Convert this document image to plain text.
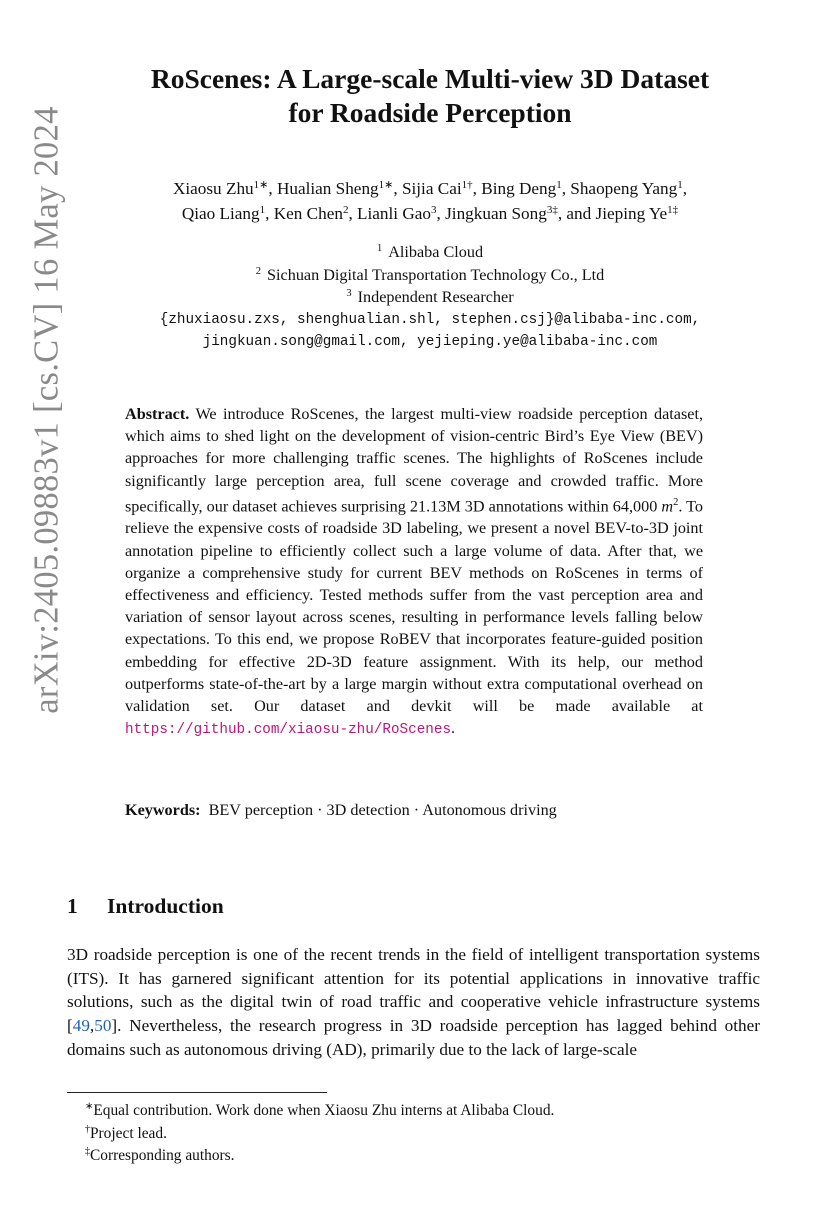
arXiv:2405.09883v1 [cs.CV] 16 May 2024
RoScenes: A Large-scale Multi-view 3D Dataset
for Roadside Perception
Xiaosu Zhu$^{1∗}$, Hualian Sheng$^{1∗}$, Sijia Cai$^{1\dagger}$, Bing Deng$^1$, Shaopeng Yang$^1$,
Qiao Liang$^1$, Ken Chen$^2$, Lianli Gao$^3$, Jingkuan Song$^{3\ddagger}$, and Jieping $Ye^{1\ddagger}$
$^1$ Alibaba Cloud
$^2$ Sichuan Digital Transportation Technology Co., Ltd
$^3$ Independent Researcher
{zhuxiaosu.zxs, shenghualian.shl, stephen.csj}@alibaba-inc.com,
jingkuan.song@gmail.com, yejieping.ye@alibaba-inc.com
Abstract. We introduce RoScenes, the largest multi-view roadside perception dataset, which aims to shed light on the development of vision-centric Bird’s Eye View (BEV) approaches for more challenging traffic scenes. The highlights of RoScenes include significantly large perception area, full scene coverage and crowded traffic. More specifically, our dataset achieves surprising 21.13M 3D annotations within 64,000 $m^2$. To relieve the expensive costs of roadside 3D labeling, we present a novel BEV-to-3D joint annotation pipeline to efficiently collect such a large volume of data. After that, we organize a comprehensive study for current BEV methods on RoScenes in terms of effectiveness and efficiency. Tested methods suffer from the vast perception area and variation of sensor layout across scenes, resulting in performance levels falling below expectations. To this end, we propose RoBEV that incorporates feature-guided position embedding for effective 2D-3D feature assignment. With its help, our method outperforms state-of-the-art by a large margin without extra computational overhead on validation set. Our dataset and devkit will be made available at https://github.com/xiaosu-zhu/RoScenes.
Keywords: BEV perception · 3D detection · Autonomous driving
1 Introduction
3D roadside perception is one of the recent trends in the field of intelligent transportation systems (ITS). It has garnered significant attention for its potential applications in innovative traffic solutions, such as the digital twin of road traffic and cooperative vehicle infrastructure systems [49,50]. Nevertheless, the research progress in 3D roadside perception has lagged behind other domains such as autonomous driving (AD), primarily due to the lack of large-scale
∗Equal contribution. Work done when Xiaosu Zhu interns at Alibaba Cloud.
†Project lead.
‡Corresponding authors.
